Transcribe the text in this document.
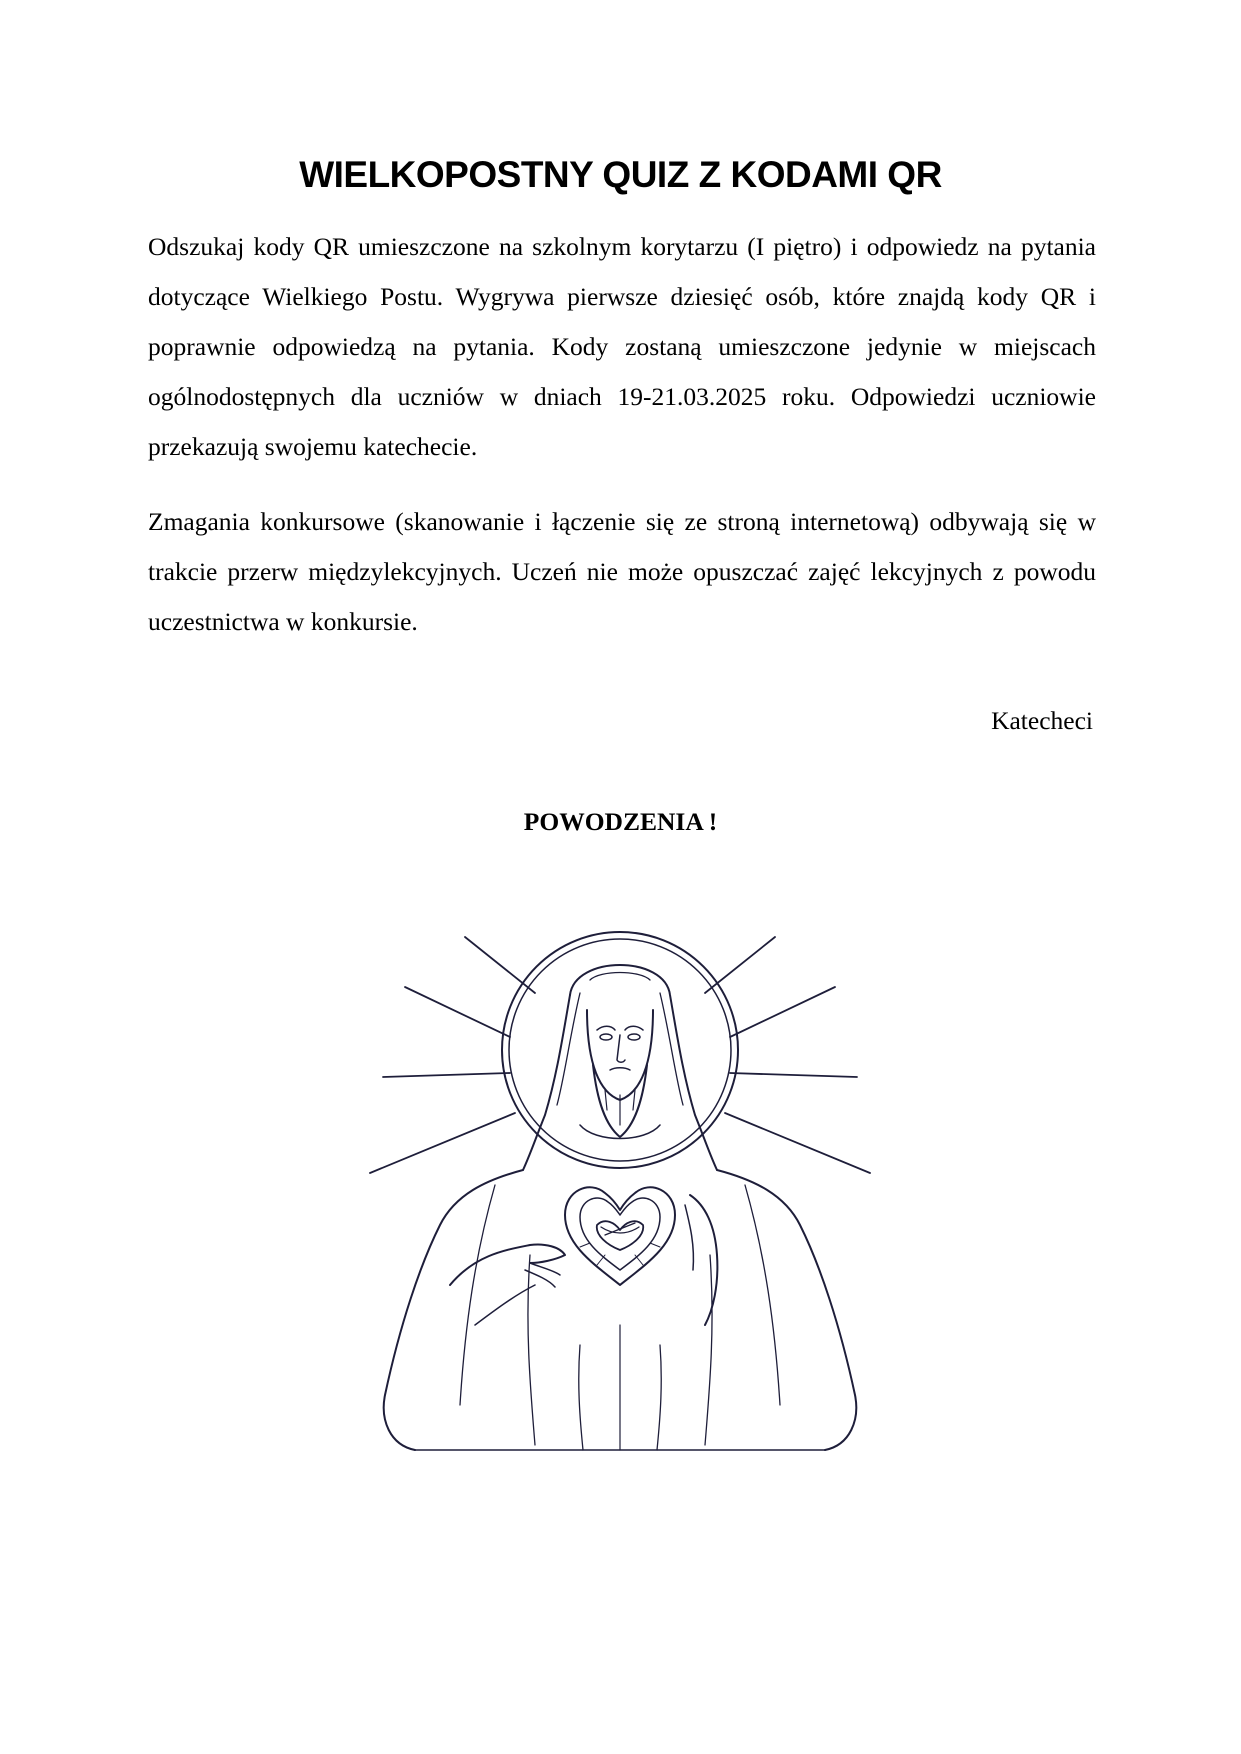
WIELKOPOSTNY QUIZ Z KODAMI QR

Odszukaj kody QR umieszczone na szkolnym korytarzu (I piętro) i odpowiedz na pytania dotyczące Wielkiego Postu. Wygrywa pierwsze dziesięć osób, które znajdą kody QR i poprawnie odpowiedzą na pytania. Kody zostaną umieszczone jedynie w miejscach ogólnodostępnych dla uczniów w dniach 19-21.03.2025 roku. Odpowiedzi uczniowie przekazują swojemu katechecie.

Zmagania konkursowe (skanowanie i łączenie się ze stroną internetową) odbywają się w trakcie przerw międzylekcyjnych. Uczeń nie może opuszczać zajęć lekcyjnych z powodu uczestnictwa w konkursie.

Katecheci

POWODZENIA !
